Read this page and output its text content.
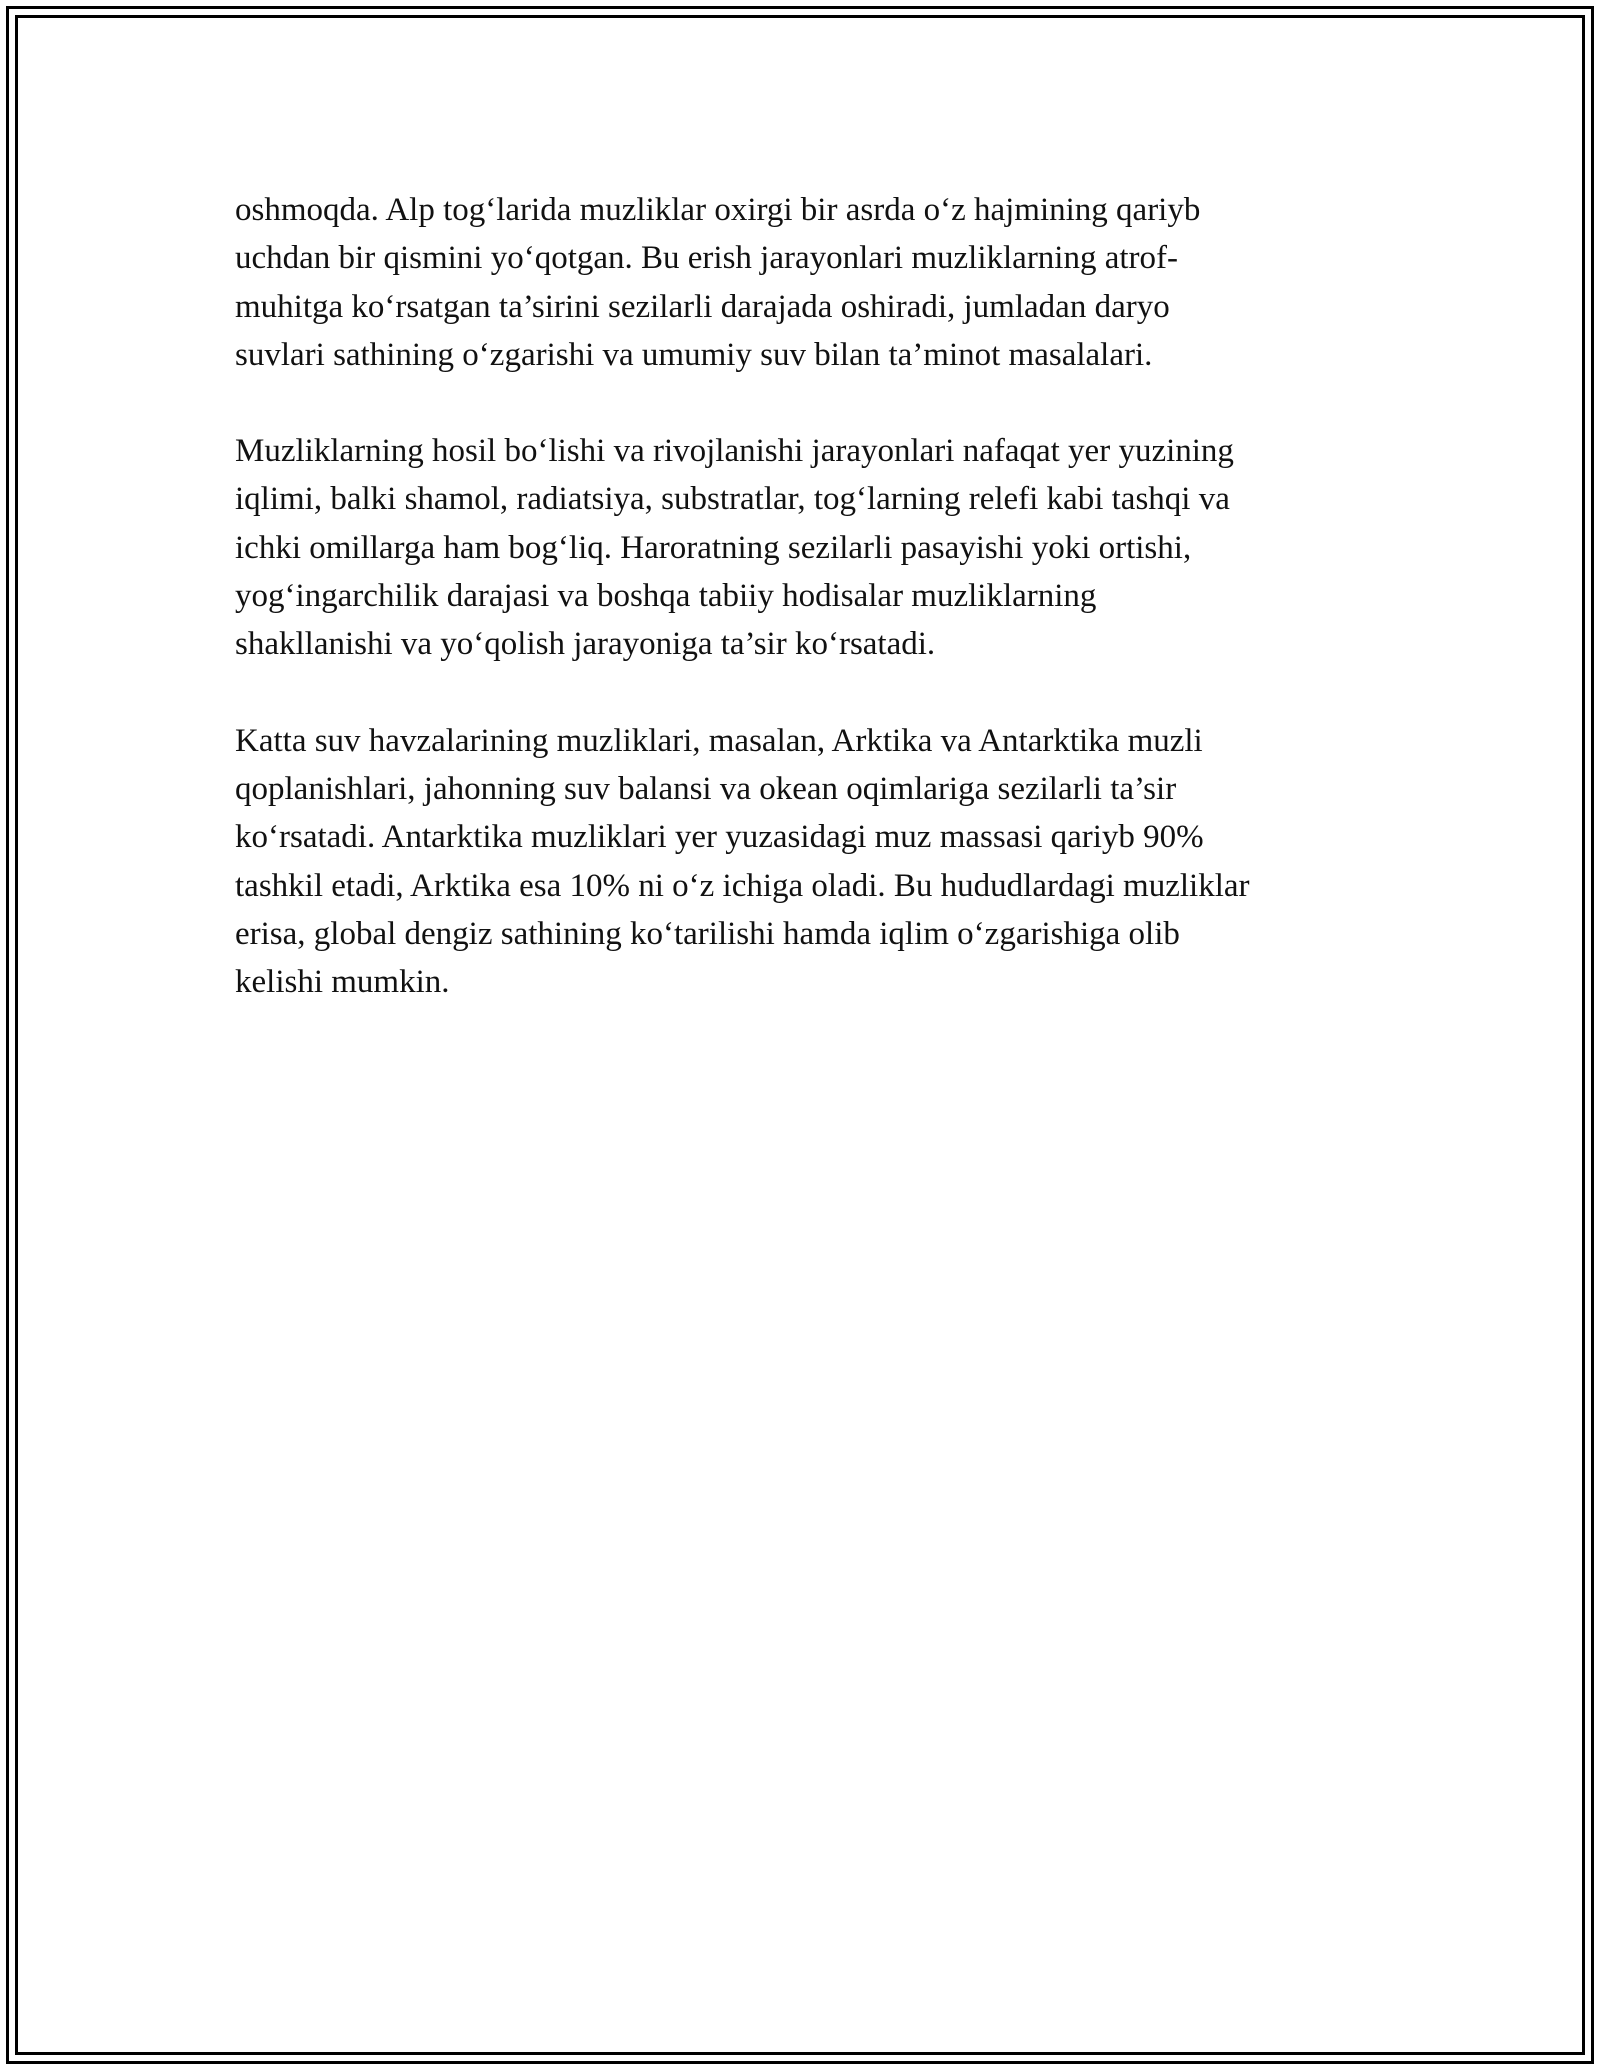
oshmoqda. Alp tog‘larida muzliklar oxirgi bir asrda o‘z hajmining qariyb
uchdan bir qismini yo‘qotgan. Bu erish jarayonlari muzliklarning atrof-
muhitga ko‘rsatgan ta’sirini sezilarli darajada oshiradi, jumladan daryo
suvlari sathining o‘zgarishi va umumiy suv bilan ta’minot masalalari.

Muzliklarning hosil bo‘lishi va rivojlanishi jarayonlari nafaqat yer yuzining
iqlimi, balki shamol, radiatsiya, substratlar, tog‘larning relefi kabi tashqi va
ichki omillarga ham bog‘liq. Haroratning sezilarli pasayishi yoki ortishi,
yog‘ingarchilik darajasi va boshqa tabiiy hodisalar muzliklarning
shakllanishi va yo‘qolish jarayoniga ta’sir ko‘rsatadi.

Katta suv havzalarining muzliklari, masalan, Arktika va Antarktika muzli
qoplanishlari, jahonning suv balansi va okean oqimlariga sezilarli ta’sir
ko‘rsatadi. Antarktika muzliklari yer yuzasidagi muz massasi qariyb 90%
tashkil etadi, Arktika esa 10% ni o‘z ichiga oladi. Bu hududlardagi muzliklar
erisa, global dengiz sathining ko‘tarilishi hamda iqlim o‘zgarishiga olib
kelishi mumkin.
